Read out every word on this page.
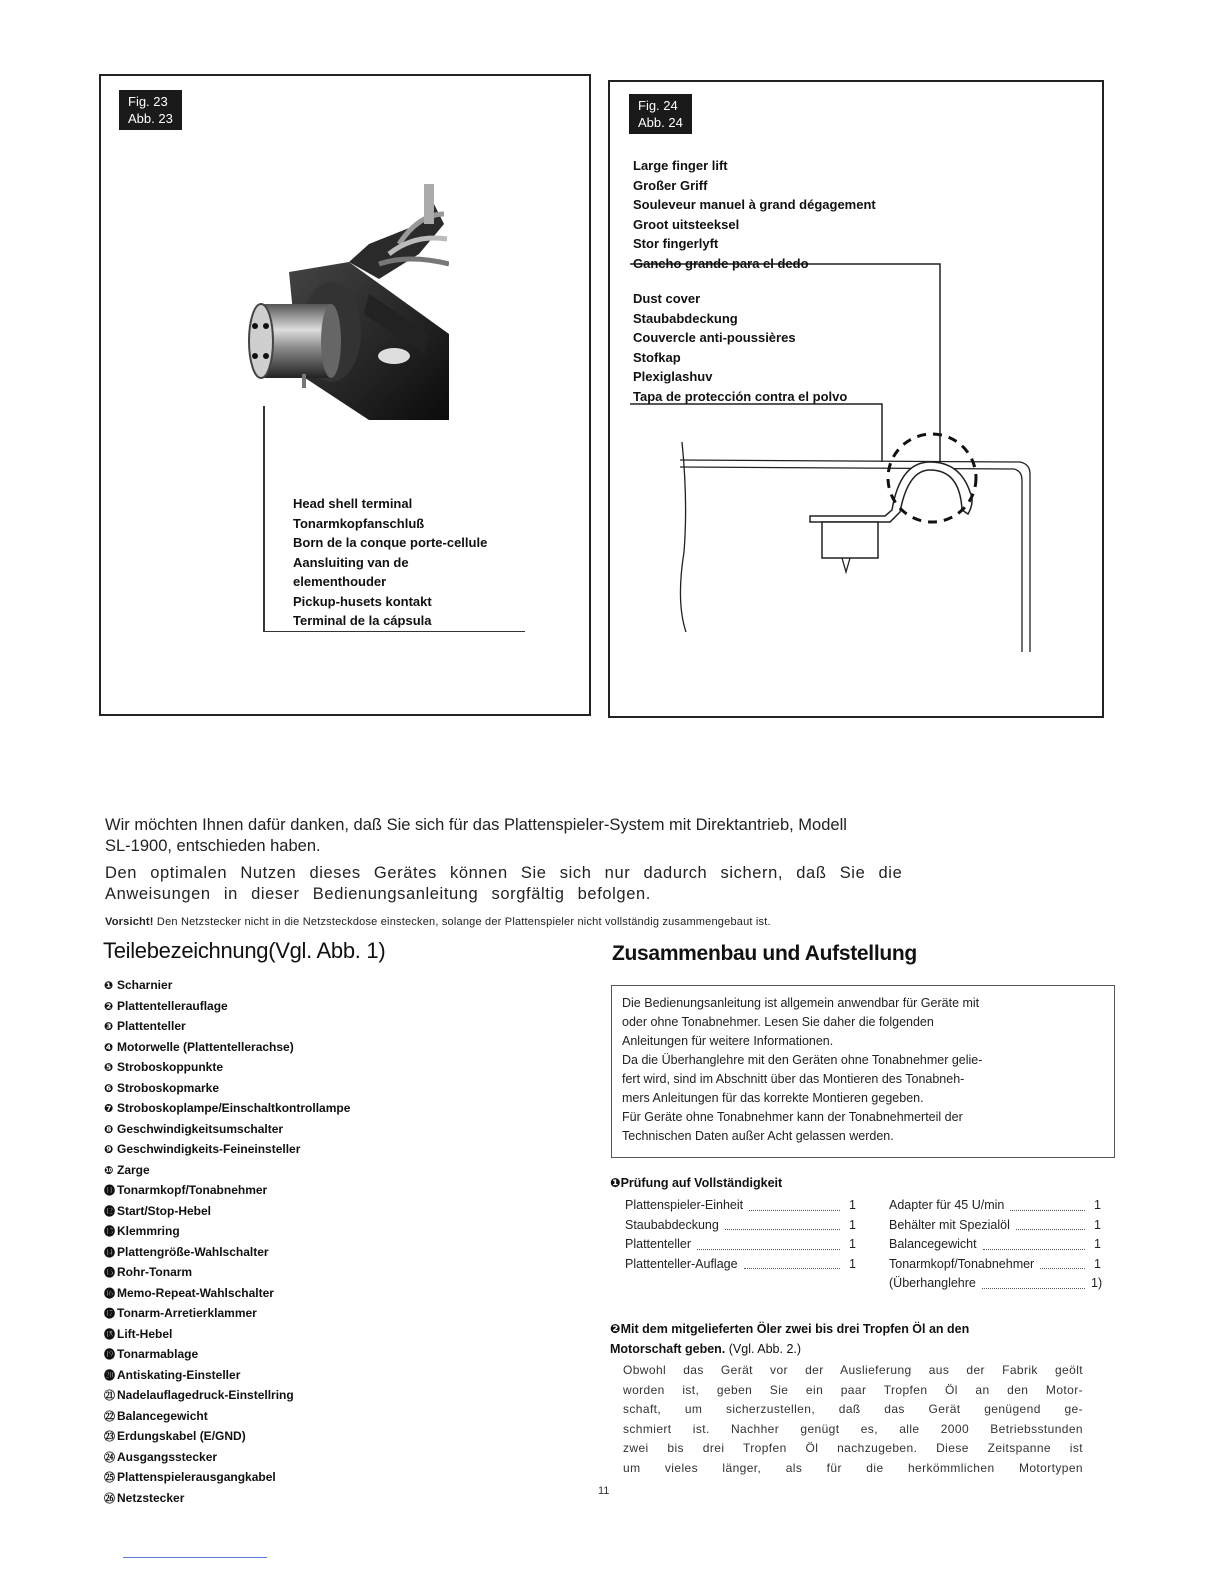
Fig. 23
Abb. 23
Head shell terminal
Tonarmkopfanschluß
Born de la conque porte-cellule
Aansluiting van de
elementhouder
Pickup-husets kontakt
Terminal de la cápsula
Fig. 24
Abb. 24
Large finger lift
Großer Griff
Souleveur manuel à grand dégagement
Groot uitsteeksel
Stor fingerlyft
Gancho grande para el dedo
Dust cover
Staubabdeckung
Couvercle anti-poussières
Stofkap
Plexiglashuv
Tapa de protección contra el polvo

Wir möchten Ihnen dafür danken, daß Sie sich für das Plattenspieler-System mit Direktantrieb, Modell
SL-1900, entschieden haben.

Den optimalen Nutzen dieses Gerätes können Sie sich nur dadurch sichern, daß Sie die
Anweisungen in dieser Bedienungsanleitung sorgfältig befolgen.

Vorsicht! Den Netzstecker nicht in die Netzsteckdose einstecken, solange der Plattenspieler nicht vollständig zusammengebaut ist.
Teilebezeichnung(Vgl. Abb. 1)
❶ Scharnier
❷ Plattentellerauflage
❸ Plattenteller
❹ Motorwelle (Plattentellerachse)
❺ Stroboskoppunkte
❻ Stroboskopmarke
❼ Stroboskoplampe/Einschaltkontrollampe
❽ Geschwindigkeitsumschalter
❾ Geschwindigkeits-Feineinsteller
❿ Zarge
⓫ Tonarmkopf/Tonabnehmer
⓬ Start/Stop-Hebel
⓭ Klemmring
⓮ Plattengröße-Wahlschalter
⓯ Rohr-Tonarm
⓰ Memo-Repeat-Wahlschalter
⓱ Tonarm-Arretierklammer
⓲ Lift-Hebel
⓳ Tonarmablage
⓴ Antiskating-Einsteller
㉑ Nadelauflagedruck-Einstellring
㉒ Balancegewicht
㉓ Erdungskabel (E/GND)
㉔ Ausgangsstecker
㉕ Plattenspielerausgangkabel
㉖ Netzstecker
Zusammenbau und Aufstellung
Die Bedienungsanleitung ist allgemein anwendbar für Geräte mit
oder ohne Tonabnehmer. Lesen Sie daher die folgenden
Anleitungen für weitere Informationen.
Da die Überhanglehre mit den Geräten ohne Tonabnehmer gelie-
fert wird, sind im Abschnitt über das Montieren des Tonabneh-
mers Anleitungen für das korrekte Montieren gegeben.
Für Geräte ohne Tonabnehmer kann der Tonabnehmerteil der
Technischen Daten außer Acht gelassen werden.
❶Prüfung auf Vollständigkeit
Plattenspieler-Einheit	1
Staubabdeckung	1
Plattenteller	1
Plattenteller-Auflage	1
Adapter für 45 U/min	1
Behälter mit Spezialöl	1
Balancegewicht	1
Tonarmkopf/Tonabnehmer	1
(Überhanglehre	1)
❷Mit dem mitgelieferten Öler zwei bis drei Tropfen Öl an den
Motorschaft geben. (Vgl. Abb. 2.)
Obwohl das Gerät vor der Auslieferung aus der Fabrik geölt
worden ist, geben Sie ein paar Tropfen Öl an den Motor-
schaft, um sicherzustellen, daß das Gerät genügend ge-
schmiert ist. Nachher genügt es, alle 2000 Betriebsstunden
zwei bis drei Tropfen Öl nachzugeben. Diese Zeitspanne ist
um vieles länger, als für die herkömmlichen Motortypen
11
